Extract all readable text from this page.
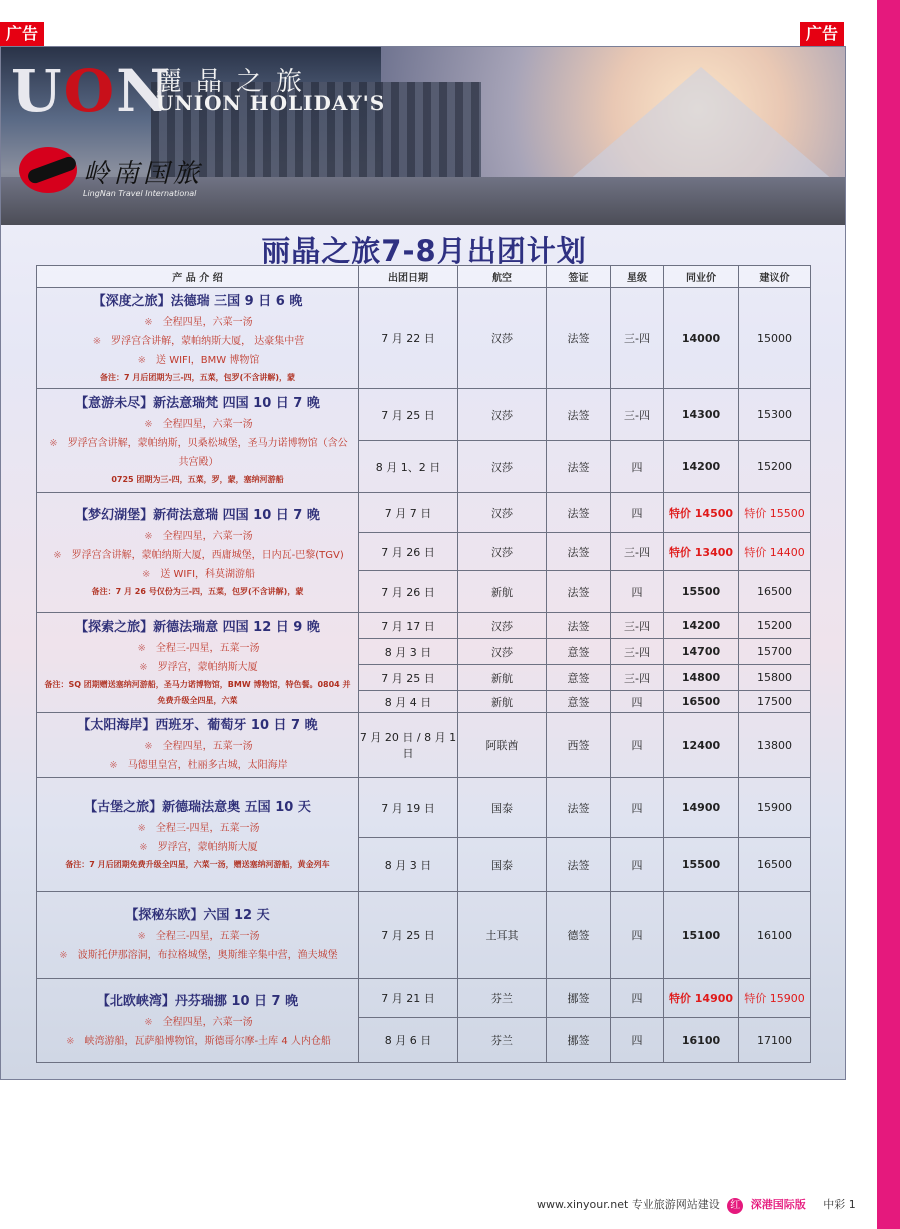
广告	广告
UON
麗晶之旅
UNION HOLIDAY'S
岭南国旅
LingNan Travel International
丽晶之旅7-8月出团计划
产 品 介 绍	出团日期	航空	签证	星级	同业价	建议价

【深度之旅】法德瑞 三国 9 日 6 晚
※ 全程四星，六菜一汤
※ 罗浮宫含讲解，蒙帕纳斯大厦， 达豪集中营
※ 送 WIFI，BMW 博物馆
备注：7 月后团期为三-四，五菜，包罗(不含讲解)，蒙	7 月 22 日	汉莎	法签	三-四	14000	15000

【意游未尽】新法意瑞梵 四国 10 日 7 晚
※ 全程四星，六菜一汤
※ 罗浮宫含讲解，蒙帕纳斯，贝桑松城堡，圣马力诺博物馆（含公共宫殿）
0725 团期为三-四，五菜，罗，蒙，塞纳河游船	7 月 25 日	汉莎	法签	三-四	14300	15300
	8 月 1、2 日	汉莎	法签	四	14200	15200

【梦幻湖堡】新荷法意瑞 四国 10 日 7 晚
※ 全程四星，六菜一汤
※ 罗浮宫含讲解，蒙帕纳斯大厦，西庸城堡，日内瓦-巴黎(TGV)
※ 送 WIFI，科莫湖游船
备注：7 月 26 号仅份为三-四，五菜，包罗(不含讲解)，蒙	7 月 7 日	汉莎	法签	四	特价 14500	特价 15500
	7 月 26 日	汉莎	法签	三-四	特价 13400	特价 14400
	7 月 26 日	新航	法签	四	15500	16500

【探索之旅】新德法瑞意 四国 12 日 9 晚
※ 全程三-四星，五菜一汤
※ 罗浮宫，蒙帕纳斯大厦
备注：SQ 团期赠送塞纳河游船，圣马力诺博物馆，BMW 博物馆，特色餐。0804 并免费升级全四星，六菜	7 月 17 日	汉莎	法签	三-四	14200	15200
	8 月 3 日	汉莎	意签	三-四	14700	15700
	7 月 25 日	新航	意签	三-四	14800	15800
	8 月 4 日	新航	意签	四	16500	17500

【太阳海岸】西班牙、葡萄牙 10 日 7 晚
※ 全程四星，五菜一汤
※ 马德里皇宫，杜丽多古城，太阳海岸	7 月 20 日 / 8 月 1 日	阿联酋	西签	四	12400	13800

【古堡之旅】新德瑞法意奥 五国 10 天
※ 全程三-四星，五菜一汤
※ 罗浮宫，蒙帕纳斯大厦
备注：7 月后团期免费升级全四星，六菜一汤，赠送塞纳河游船，黄金列车	7 月 19 日	国泰	法签	四	14900	15900
	8 月 3 日	国泰	法签	四	15500	16500

【探秘东欧】六国 12 天
※ 全程三-四星，五菜一汤
※ 波斯托伊那溶洞，布拉格城堡，奥斯维辛集中营，渔夫城堡	7 月 25 日	土耳其	德签	四	15100	16100

【北欧峡湾】丹芬瑞挪 10 日 7 晚
※ 全程四星，六菜一汤
※ 峡湾游船，瓦萨船博物馆，斯德哥尔摩-土库 4 人内仓船	7 月 21 日	芬兰	挪签	四	特价 14900	特价 15900
	8 月 6 日	芬兰	挪签	四	16100	17100
www.xinyour.net 专业旅游网站建设 红 深港国际版 中彩 1
